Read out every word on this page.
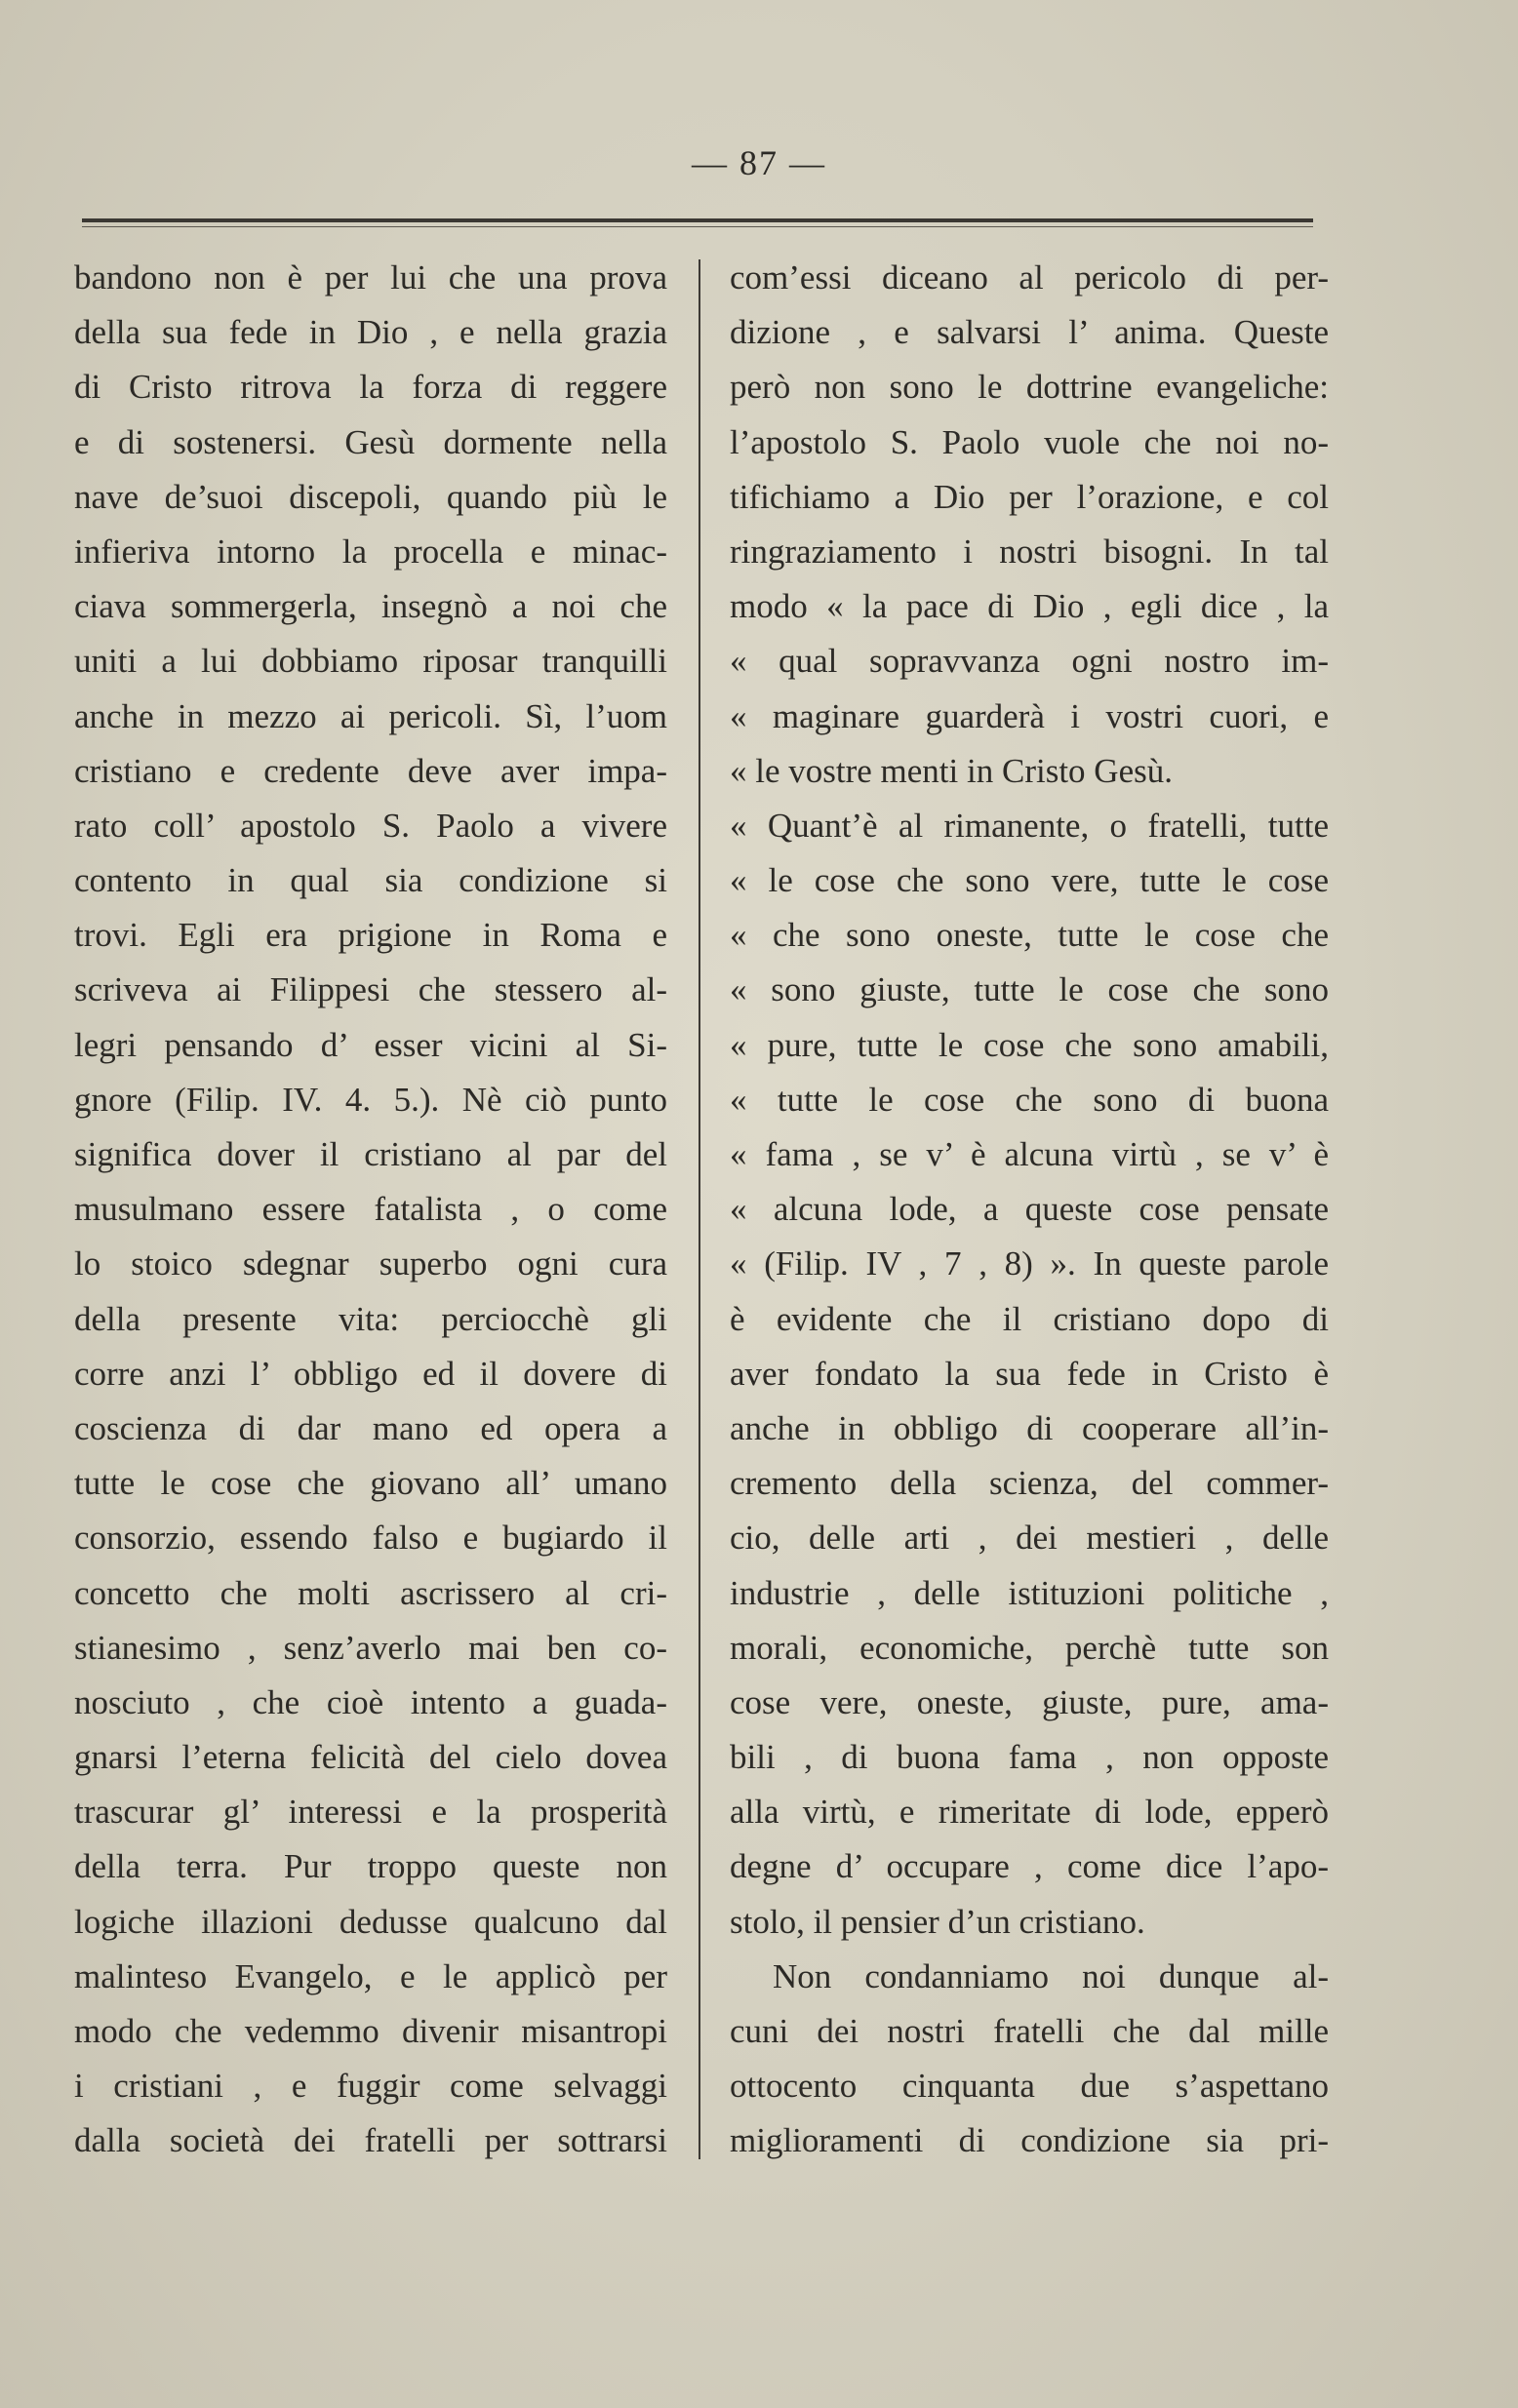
— 87 —
bandono non è per lui che una prova
della sua fede in Dio , e nella grazia
di Cristo ritrova la forza di reggere
e di sostenersi. Gesù dormente nella
nave de’suoi discepoli, quando più le
infieriva intorno la procella e minac-
ciava sommergerla, insegnò a noi che
uniti a lui dobbiamo riposar tranquilli
anche in mezzo ai pericoli. Sì, l’uom
cristiano e credente deve aver impa-
rato coll’ apostolo S. Paolo a vivere
contento in qual sia condizione si
trovi. Egli era prigione in Roma e
scriveva ai Filippesi che stessero al-
legri pensando d’ esser vicini al Si-
gnore (Filip. IV. 4. 5.). Nè ciò punto
significa dover il cristiano al par del
musulmano essere fatalista , o come
lo stoico sdegnar superbo ogni cura
della presente vita: perciocchè gli
corre anzi l’ obbligo ed il dovere di
coscienza di dar mano ed opera a
tutte le cose che giovano all’ umano
consorzio, essendo falso e bugiardo il
concetto che molti ascrissero al cri-
stianesimo , senz’averlo mai ben co-
nosciuto , che cioè intento a guada-
gnarsi l’eterna felicità del cielo dovea
trascurar gl’ interessi e la prosperità
della terra. Pur troppo queste non
logiche illazioni dedusse qualcuno dal
malinteso Evangelo, e le applicò per
modo che vedemmo divenir misantropi
i cristiani , e fuggir come selvaggi
dalla società dei fratelli per sottrarsi
com’essi diceano al pericolo di per-
dizione , e salvarsi l’ anima. Queste
però non sono le dottrine evangeliche:
l’apostolo S. Paolo vuole che noi no-
tifichiamo a Dio per l’orazione, e col
ringraziamento i nostri bisogni. In tal
modo « la pace di Dio , egli dice , la
« qual sopravvanza ogni nostro im-
« maginare guarderà i vostri cuori, e
« le vostre menti in Cristo Gesù.
« Quant’è al rimanente, o fratelli, tutte
« le cose che sono vere, tutte le cose
« che sono oneste, tutte le cose che
« sono giuste, tutte le cose che sono
« pure, tutte le cose che sono amabili,
« tutte le cose che sono di buona
« fama , se v’ è alcuna virtù , se v’ è
« alcuna lode, a queste cose pensate
« (Filip. IV , 7 , 8) ». In queste parole
è evidente che il cristiano dopo di
aver fondato la sua fede in Cristo è
anche in obbligo di cooperare all’in-
cremento della scienza, del commer-
cio, delle arti , dei mestieri , delle
industrie , delle istituzioni politiche ,
morali, economiche, perchè tutte son
cose vere, oneste, giuste, pure, ama-
bili , di buona fama , non opposte
alla virtù, e rimeritate di lode, epperò
degne d’ occupare , come dice l’apo-
stolo, il pensier d’un cristiano.
Non condanniamo noi dunque al-
cuni dei nostri fratelli che dal mille
ottocento cinquanta due s’aspettano
miglioramenti di condizione sia pri-
